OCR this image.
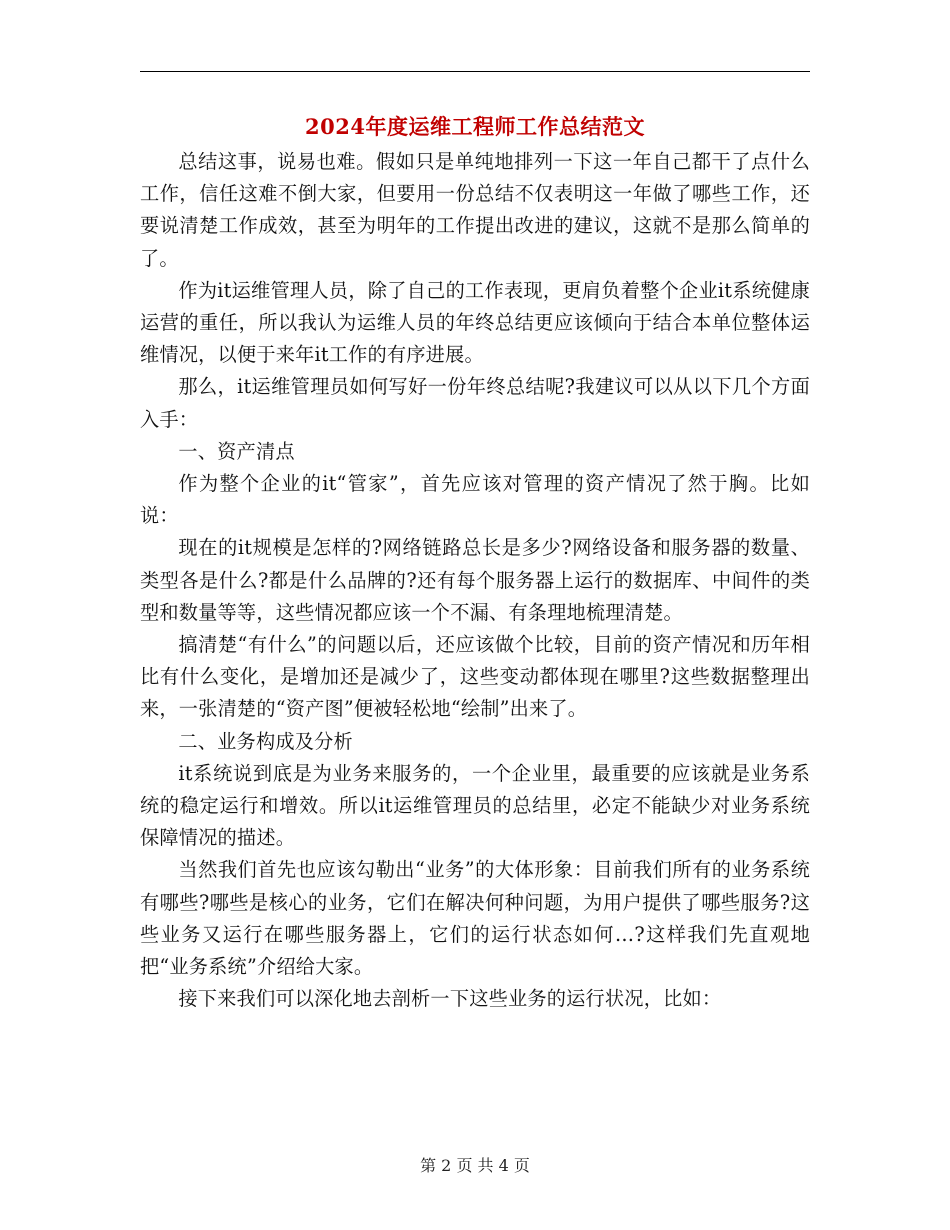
2024年度运维工程师工作总结范文

总结这事，说易也难。假如只是单纯地排列一下这一年自己都干了点什么工作，信任这难不倒大家，但要用一份总结不仅表明这一年做了哪些工作，还要说清楚工作成效，甚至为明年的工作提出改进的建议，这就不是那么简单的了。

作为it运维管理人员，除了自己的工作表现，更肩负着整个企业it系统健康运营的重任，所以我认为运维人员的年终总结更应该倾向于结合本单位整体运维情况，以便于来年it工作的有序进展。

那么，it运维管理员如何写好一份年终总结呢?我建议可以从以下几个方面入手：

一、资产清点

作为整个企业的it“管家”，首先应该对管理的资产情况了然于胸。比如说：

现在的it规模是怎样的?网络链路总长是多少?网络设备和服务器的数量、类型各是什么?都是什么品牌的?还有每个服务器上运行的数据库、中间件的类型和数量等等，这些情况都应该一个不漏、有条理地梳理清楚。

搞清楚“有什么”的问题以后，还应该做个比较，目前的资产情况和历年相比有什么变化，是增加还是减少了，这些变动都体现在哪里?这些数据整理出来，一张清楚的“资产图”便被轻松地“绘制”出来了。

二、业务构成及分析

it系统说到底是为业务来服务的，一个企业里，最重要的应该就是业务系统的稳定运行和增效。所以it运维管理员的总结里，必定不能缺少对业务系统保障情况的描述。

当然我们首先也应该勾勒出“业务”的大体形象：目前我们所有的业务系统有哪些?哪些是核心的业务，它们在解决何种问题，为用户提供了哪些服务?这些业务又运行在哪些服务器上，它们的运行状态如何…?这样我们先直观地把“业务系统”介绍给大家。

接下来我们可以深化地去剖析一下这些业务的运行状况，比如：

第 2 页 共 4 页
